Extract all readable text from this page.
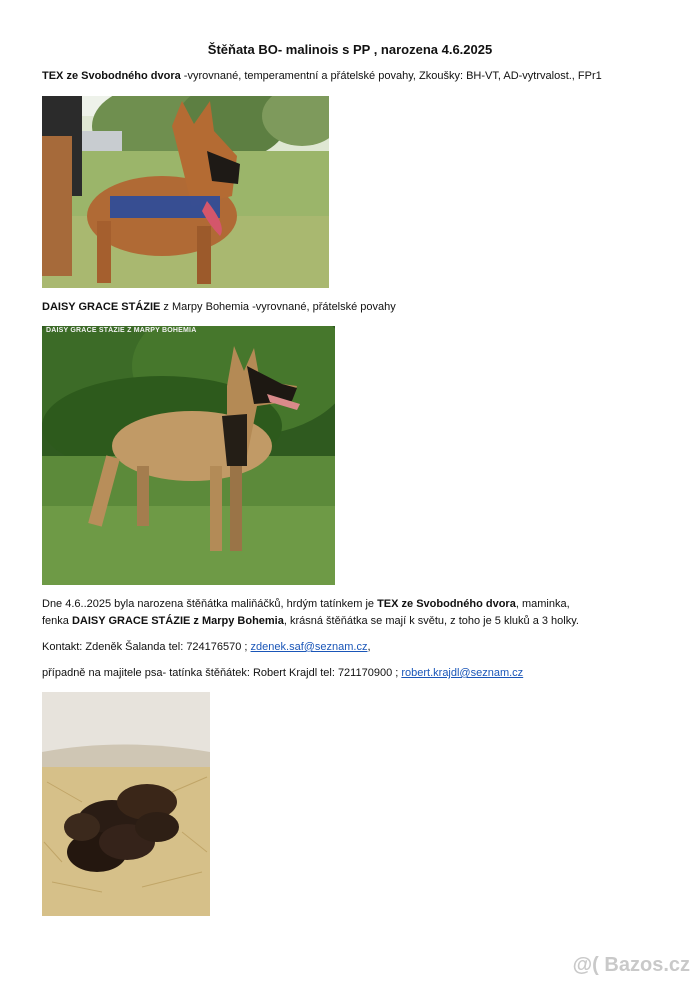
Štěňata BO- malinois s PP , narozena 4.6.2025
TEX ze Svobodného dvora -vyrovnané, temperamentní a přátelské povahy, Zkoušky: BH-VT, AD-vytrvalost., FPr1
DAISY GRACE STÁZIE z Marpy Bohemia -vyrovnané, přátelské povahy
DAISY GRACE STÁZIE Z MARPY BOHEMIA
Dne 4.6..2025 byla narozena štěňátka maliňáčků, hrdým tatínkem je TEX ze Svobodného dvora, maminka,
fenka DAISY GRACE STÁZIE z Marpy Bohemia, krásná štěňátka se mají k světu, z toho je 5 kluků a 3 holky.
Kontakt: Zdeněk Šalanda tel: 724176570 ; zdenek.saf@seznam.cz,
případně na majitele psa- tatínka štěňátek: Robert Krajdl tel: 721170900 ; robert.krajdl@seznam.cz
@( Bazos.cz
